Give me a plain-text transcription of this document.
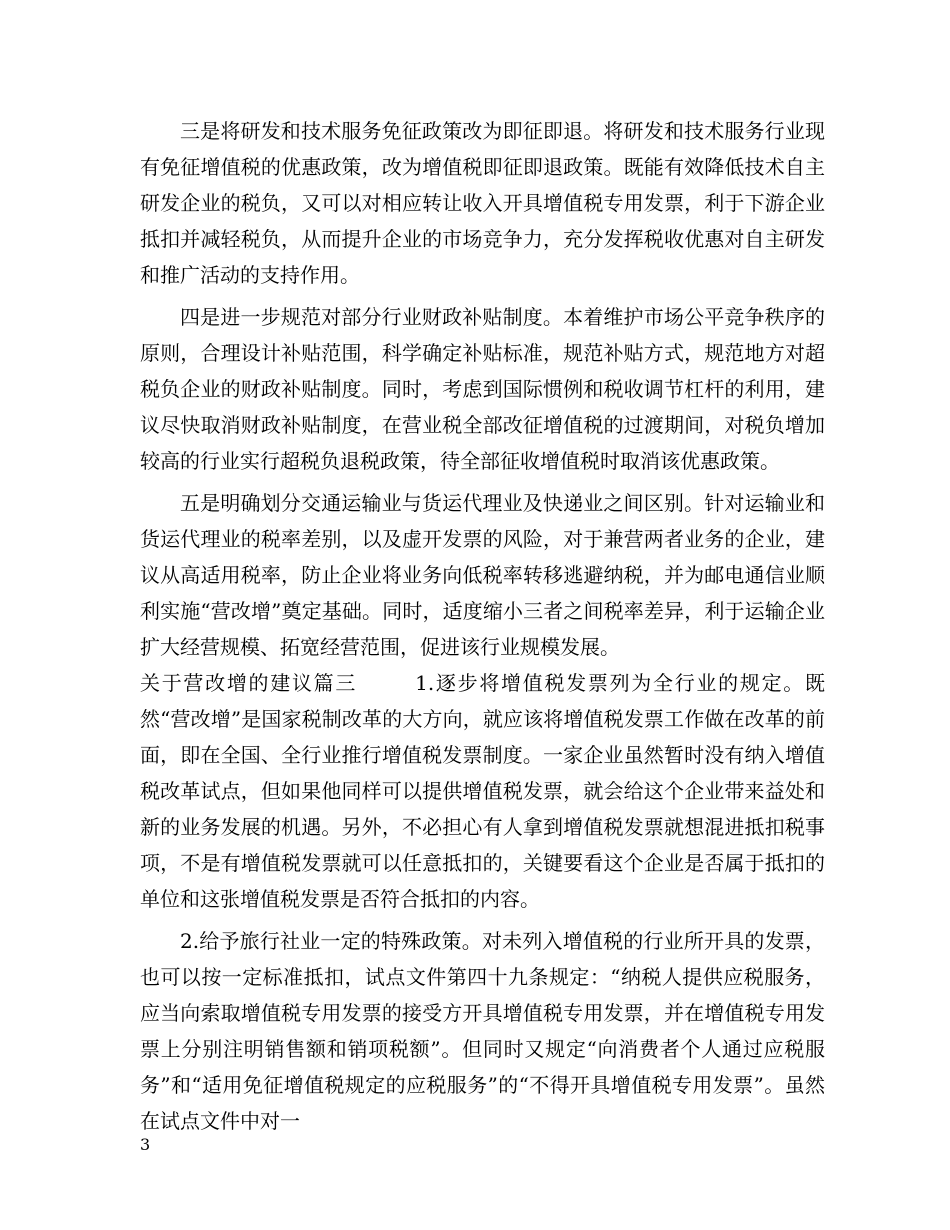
三是将研发和技术服务免征政策改为即征即退。将研发和技术服务行业现有免征增值税的优惠政策，改为增值税即征即退政策。既能有效降低技术自主研发企业的税负，又可以对相应转让收入开具增值税专用发票，利于下游企业抵扣并减轻税负，从而提升企业的市场竞争力，充分发挥税收优惠对自主研发和推广活动的支持作用。

四是进一步规范对部分行业财政补贴制度。本着维护市场公平竞争秩序的原则，合理设计补贴范围，科学确定补贴标准，规范补贴方式，规范地方对超税负企业的财政补贴制度。同时，考虑到国际惯例和税收调节杠杆的利用，建议尽快取消财政补贴制度，在营业税全部改征增值税的过渡期间，对税负增加较高的行业实行超税负退税政策，待全部征收增值税时取消该优惠政策。

五是明确划分交通运输业与货运代理业及快递业之间区别。针对运输业和货运代理业的税率差别，以及虚开发票的风险，对于兼营两者业务的企业，建议从高适用税率，防止企业将业务向低税率转移逃避纳税，并为邮电通信业顺利实施“营改增”奠定基础。同时，适度缩小三者之间税率差异，利于运输企业扩大经营规模、拓宽经营范围，促进该行业规模发展。

关于营改增的建议篇三	1.逐步将增值税发票列为全行业的规定。既然“营改增”是国家税制改革的大方向，就应该将增值税发票工作做在改革的前面，即在全国、全行业推行增值税发票制度。一家企业虽然暂时没有纳入增值税改革试点，但如果他同样可以提供增值税发票，就会给这个企业带来益处和新的业务发展的机遇。另外，不必担心有人拿到增值税发票就想混进抵扣税事项，不是有增值税发票就可以任意抵扣的，关键要看这个企业是否属于抵扣的单位和这张增值税发票是否符合抵扣的内容。

2.给予旅行社业一定的特殊政策。对未列入增值税的行业所开具的发票，也可以按一定标准抵扣，试点文件第四十九条规定：“纳税人提供应税服务，应当向索取增值税专用发票的接受方开具增值税专用发票，并在增值税专用发票上分别注明销售额和销项税额”。但同时又规定“向消费者个人通过应税服务”和“适用免征增值税规定的应税服务”的“不得开具增值税专用发票”。虽然在试点文件中对一

3
